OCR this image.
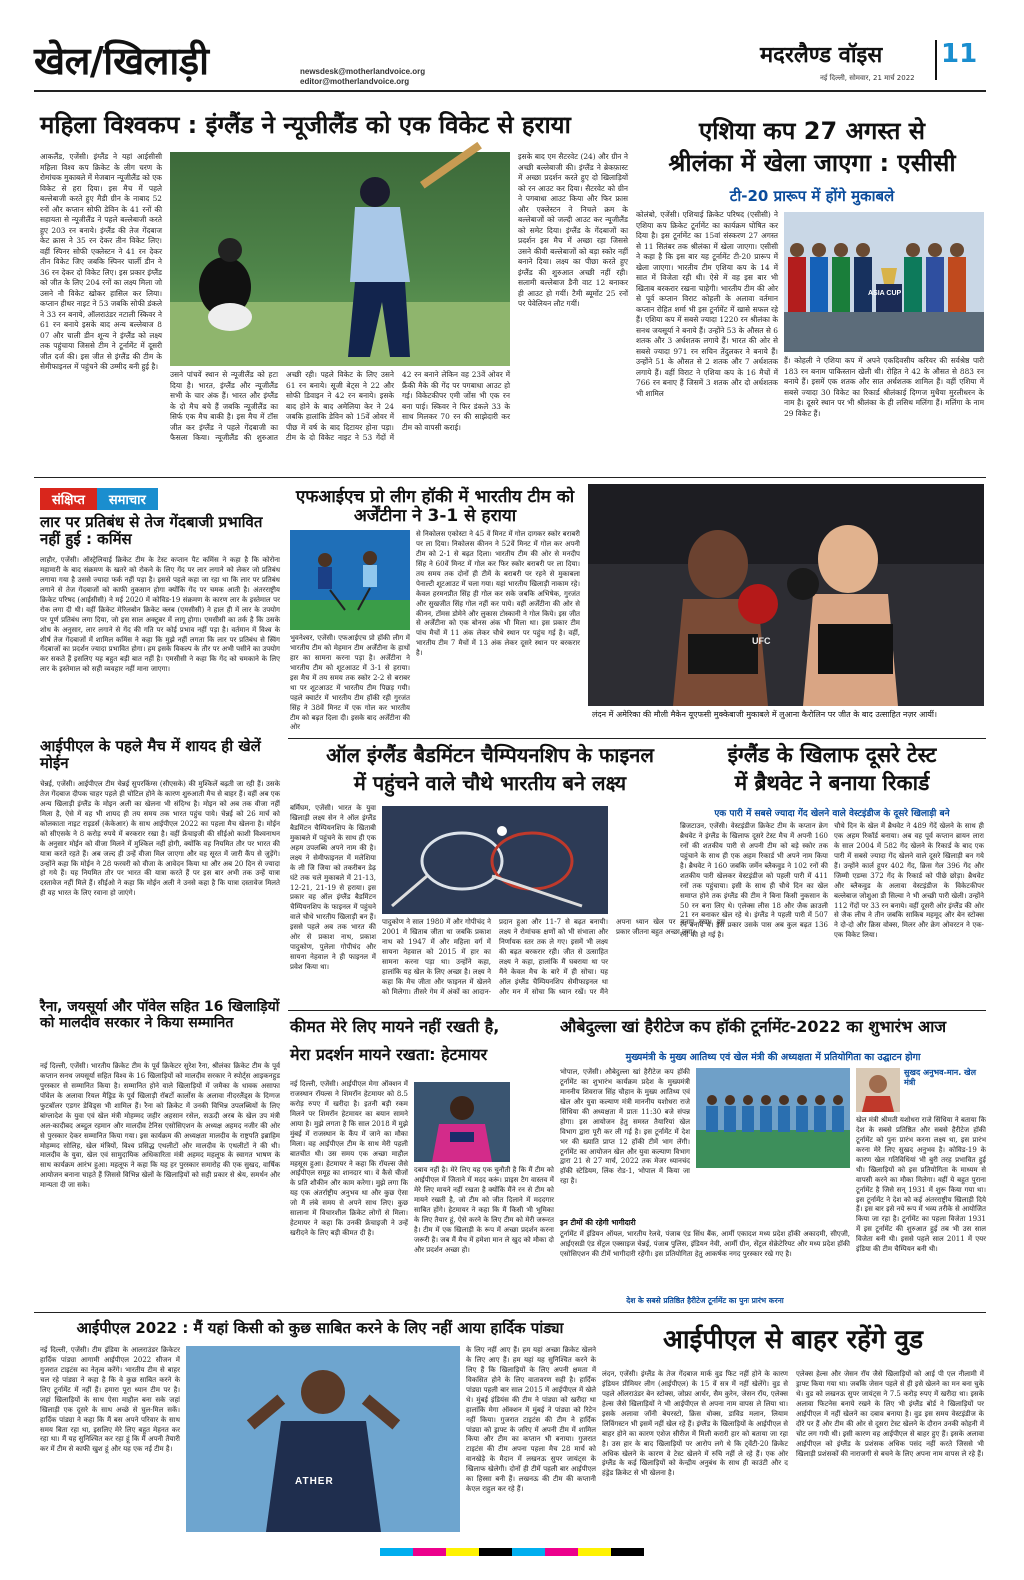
खेल/खिलाड़ी	newsdesk@motherlandvoice.org
editor@motherlandvoice.org
मदरलैण्ड वॉइस 11
नई दिल्ली, सोमवार, 21 मार्च 2022
महिला विश्वकप : इंग्लैंड ने न्यूजीलैंड को एक विकेट से हराया
आकलैंड, एजेंसी। इंग्लैंड ने यहां आईसीसी महिला विश्व कप क्रिकेट के लीग चरण के रोमांचक मुकाबले में मेजबान न्यूजीलैंड को एक विकेट से हरा दिया। इस मैच में पहले बल्लेबाजी करते हुए मैडी ग्रीन के नाबाद 52 रनों और कप्तान सोफी डेविन के 41 रनों की सहायता से न्यूजीलैंड ने पहले बल्लेबाजी करते हुए 203 रन बनाये। इंग्लैंड की तेज गेंदबाज केट क्रास ने 35 रन देकर तीन विकेट लिए। वहीं स्पिनर सोफी एक्लेस्टन ने 41 रन देकर तीन विकेट जिए जबकि स्पिनर चार्ली डीन ने 36 रन देकर दो विकेट लिए। इस प्रकार इंग्लैंड को जीत के लिए 204 रनों का लक्ष्य मिला जो उसने नौ विकेट खोकर हासिल कर लिया। कप्तान हीथर नाइट ने 53 जबकि सोफी डंकले ने 33 रन बनाये, ऑलराउंडर नटाली स्किवर ने 61 रन बनाये इसके बाद अन्य बल्लेबाज 8 07 और चाली डीन शून्य ने इंग्लैंड को लक्ष्य तक पहुंचाया जिससे टीम ने टूर्नामेंट में दूसरी जीत दर्ज की। इस जीत से इंग्लैंड की टीम के सेमीफाइनल में पहुंचने की उम्मीद बनी हुई है।
उसने पांचवें स्थान से न्यूजीलैंड को हटा दिया है। भारत, इंग्लैंड और न्यूजीलैंड सभी के चार अंक हैं। भारत और इंग्लैंड के दो मैच बचे हैं जबकि न्यूजीलैंड का सिर्फ एक मैच बाकी है। इस मैच में टॉस जीत कर इंग्लैंड ने पहले गेंदबाजी का फैसला किया। न्यूजीलैंड की शुरुआत अच्छी रही। पहले विकेट के लिए उसने 61 रन बनाये। सूजी बेट्स ने 22 और सोफी डिवाइन ने 42 रन बनाये। इसके बाद होने के बाद अमेलिया केर ने 24 जबकि हालांकि डेविन को 15वें ओवर में पीछ में वर्ष के बाद दिटायर होना पड़ा। टीम के दो विकेट नाइट ने 53 गेंदों में 42 रन बनाने लेकिन वह 23वें ओवर में फ्रैंकी मैके की गेंद पर पगबाधा आउट हो गई। विकेटकीपर एमी जोंस भी एक रन बना पाई। स्किवर ने फिर डंकले 33 के साथ मिलकर 70 रन की साझेदारी कर टीम को वापसी कराई।
इसके बाद एम सैटरवेट (24) और ग्रीन ने अच्छी बल्लेबाजी की। इंग्लैंड ने ब्रेकफ़ास्ट में अच्छा प्रदर्शन करते हुए दो खिलाड़ियों को रन आउट कर दिया। सैटरवेट को ग्रीन ने पगबाधा आउट किया और फिर फ्रास और एक्लेस्टन ने निचले क्रम के बल्लेबाजों को जल्दी आउट कर न्यूजीलैंड को समेट दिया। इंग्लैंड के गेंदबाजों का प्रदर्शन इस मैच में अच्छा रहा जिससे उसने कीवी बल्लेबाजों को बड़ा स्कोर नहीं बनाने दिया। लक्ष्य का पीछा करते हुए इंग्लैंड की शुरुआत अच्छी नहीं रही। सलामी बल्लेबाज डैनी वाट 12 बनाकर ही आउट हो गयीं। टैमी ब्यूमोंट 25 रनों पर पेवेलियन लौट गयीं।
एशिया कप 27 अगस्त से
श्रीलंका में खेला जाएगा : एसीसी
टी-20 प्रारूप में होंगे मुकाबले
कोलंबो, एजेंसी। एशियाई क्रिकेट परिषद (एसीसी) ने एशिया कप क्रिकेट टूर्नामेंट का कार्यक्रम घोषित कर दिया है। इस टूर्नामेंट का 15वां संस्करण 27 अगस्त से 11 सितंबर तक श्रीलंका में खेला जाएगा। एसीसी ने कहा है कि इस बार यह टूर्नामेंट टी-20 प्रारूप में खेला जाएगा। भारतीय टीम एशिया कप के 14 में सात में विजेता रही थी। ऐसे में वह इस बार भी खिताब बरकरार रखना चाहेगी। भारतीय टीम की ओर से पूर्व कप्तान विराट कोहली के अलावा वर्तमान कप्तान रोहित शर्मा भी इस टूर्नामेंट में खासे सफल रहे हैं। एशिया कप में सबसे ज्यादा 1220 रन श्रीलंका के सनथ जयसूर्या ने बनाये हैं। उन्होंने 53 के औसत से 6 शतक और 3 अर्धशतक लगाये हैं। भारत की ओर से सबसे ज्यादा 971 रन सचिन तेंदुलकर ने बनाये हैं। उन्होंने 51 के औसत से 2 शतक और 7 अर्धशतक लगाये हैं। वहीं विराट ने एशिया कप के 16 मैचों में 766 रन बनाए हैं जिसमें 3 शतक और दो अर्धशतक भी शामिल
ASIA CUP
हैं। कोहली ने एशिया कप में अपने एकदिवसीय करियर की सर्वश्रेष्ठ पारी 183 रन बनाम पाकिस्तान खेली थी। रोहित ने 42 के औसत से 883 रन बनाये हैं। इसमें एक शतक और सात अर्धशतक शामिल हैं। वहीं एशिया में सबसे ज्यादा 30 विकेट का रिकार्ड श्रीलंकाई दिग्गज मुथैया मुरलीधरन के नाम है। दूसरे स्थान पर भी श्रीलंका के ही लसिथ मलिंगा हैं। मलिंगा के नाम 29 विकेट हैं।
संक्षिप्त	समाचार
लार पर प्रतिबंध से तेज गेंदबाजी प्रभावित नहीं हुई : कमिंस
लाहौर, एजेंसी। ऑस्ट्रेलियाई क्रिकेट टीम के टेस्ट कप्तान पैट कमिंस ने कहा है कि कोरोना महामारी के बाद संक्रमण के खतरे को रोकने के लिए गेंद पर लार लगाने को लेकर जो प्रतिबंध लगाया गया है उससे ज्यादा फर्क नहीं पड़ा है। इससे पहले कहा जा रहा था कि लार पर प्रतिबंध लगाने से तेज गेंदबाजों को काफी नुकसान होगा क्योंकि गेंद पर चमक आती है। अंतरराष्ट्रीय क्रिकेट परिषद (आईसीसी) ने मई 2020 में कोविड-19 संक्रमण के कारण लार के इस्तेमाल पर रोक लगा दी थी। वहीं क्रिकेट मेरिलबोन क्रिकेट क्लब (एमसीसी) ने हाल ही में लार के उपयोग पर पूर्ण प्रतिबंध लगा दिया, जो इस साल अक्टूबर में लागू होगा। एमसीसी का तर्क है कि उसके शोध के अनुसार, लार लगाने से गेंद की गति पर कोई प्रभाव नहीं पड़ा है। वर्तमान में विश्व के शीर्ष तेज गेंदबाजों में शामिल कमिंस ने कहा कि मुझे नहीं लगता कि लार पर प्रतिबंध से स्विंग गेंदबाजों का प्रदर्शन ज्यादा प्रभावित होगा। हम इसके विकल्प के तौर पर अभी पसीने का उपयोग कर सकते हैं इसलिए यह बहुत बड़ी बात नहीं है। एमसीसी ने कहा कि गेंद को चमकाने के लिए लार के इस्तेमाल को सही व्यवहार नहीं माना जाएगा।
आईपीएल के पहले मैच में शायद ही खेलें मोईन
चेन्नई, एजेंसी। आईपीएल टीम चेन्नई सुपरकिंग्स (सीएसके) की मुश्किलें बढ़ती जा रही हैं। उसके तेज गेंदबाज दीपक चाहर पहले ही चोटिल होने के कारण शुरुआती मैच से बाहर हैं। वहीं अब एक अन्य खिलाड़ी इंग्लैंड के मोइन अली का खेलना भी संदिग्ध है। मोइन को अब तक वीजा नहीं मिला है, ऐसे में वह भी शायद ही तय समय तक भारत पहुंच पाये। चेन्नई को 26 मार्च को कोलकाता नाइट राइडर्स (केकेआर) के साथ आईपीएल 2022 का पहला मैच खेलना है। मोईन को सीएसके ने 8 करोड़ रुपये में बरकरार रखा है। वहीं फ्रेंचाइजी की सीईओ काशी विश्वनाथन के अनुसार मोईन को वीजा मिलने में मुश्किल नहीं होगी, क्योंकि वह नियमित तौर पर भारत की यात्रा करते रहते हैं। अब जल्द ही उन्हें वीजा मिल जाएगा और वह सूरत में जारी कैंप से जुड़ेंगे। उन्होंने कहा कि मोईन ने 28 फरवरी को वीजा के आवेदन किया था और अब 20 दिन से ज्यादा हो गये हैं। यह नियमित तौर पर भारत की यात्रा करते हैं पर इस बार अभी तक उन्हें यात्रा दस्तावेज नहीं मिले हैं। सीईओ ने कहा कि मोईन अली ने उनसे कहा है कि यात्रा दस्तावेज मिलते ही वह भारत के लिए रवाना हो जाएंगे।
रैना, जयसूर्या और पॉवेल सहित 16 खिलाड़ियों को मालदीव सरकार ने किया सम्मानित
नई दिल्ली, एजेंसी। भारतीय क्रिकेट टीम के पूर्व क्रिकेटर सुरेश रैना, श्रीलंका क्रिकेट टीम के पूर्व कप्तान सनथ जयसूर्या सहित विश्व के 16 खिलाड़ियों को मालदीव सरकार ने स्पोर्ट्स आइकनहुड पुरस्कार से सम्मानित किया है। सम्मानित होने वाले खिलाड़ियों में जमैका के धावक असाफा पॉवेल के अलावा रियल मैड्रिड के पूर्व खिलाड़ी रॉबर्टो कार्लोस के अलावा नीदरलैंड्स के दिग्गज फुटबॉलर एडगर डेविड्स भी शामिल हैं। रैना को क्रिकेट में उनकी विभिन्न उपलब्धियों के लिए बांग्लादेश के युवा एवं खेल मंत्री मोहम्मद जहीर अहसान रसेल, सऊदी अरब के खेल उप मंत्री अल-कादीबद अब्दुल रहमान और मालदीव टेनिस एसोसिएशन के अध्यक्ष अहमद नजीर की ओर से पुरस्कार देकर सम्मानित किया गया। इस कार्यक्रम की अध्यक्षता मालदीव के राष्ट्रपति इब्राहिम मोहम्मद सोलिह, खेल मंत्रियों, विश्व प्रसिद्ध एथलीटों और मालदीव के एथलीटों ने की थी। मालदीव के युवा, खेल एवं सामुदायिक अधिकारिता मंत्री अहमद महलूफ के स्वागत भाषण के साथ कार्यक्रम आरंभ हुआ। महलूफ ने कहा कि यह हर पुरस्कार समारोह की एक सुखद, वार्षिक आयोजन बनाना चाहते हैं जिससे विभिन्न खेलों के खिलाड़ियों को सही प्रकार से श्रेय, समर्थन और मान्यता दी जा सके।
एफआईएच प्रो लीग हॉकी में भारतीय टीम को अर्जेंटीना ने 3-1 से हराया
भुवनेश्वर, एजेंसी। एफआईएच प्रो हॉकी लीग में भारतीय टीम को मेहमान टीम अर्जेंटीना के हाथों हार का सामना करना पड़ा है। अर्जेंटीना ने भारतीय टीम को शूटआउट में 3-1 से हराया। इस मैच में तय समय तक स्कोर 2-2 से बराबर था पर शूटआउट में भारतीय टीम पिछड़ गयी। पहले क्वार्टर में भारतीय टीम हॉकी रही गुरजंत सिंह ने 38वें मिनट में एक गोल कर भारतीय टीम को बढ़त दिला दी। इसके बाद अर्जेंटीना की ओर
से निकोलस एकोस्टा ने 45 वें मिनट में गोल दागकर स्कोर बराबरी पर ला दिया। निकोलस कीनन ने 52वें मिनट में गोल कर अपनी टीम को 2-1 से बढ़त दिला। भारतीय टीम की ओर से मनदीप सिंह ने 60वें मिनट में गोल कर फिर स्कोर बराबरी पर ला दिया। तय समय तक दोनों ही टीमें के बराबरी पर रहने से मुकाबला पेनाल्टी शूटआउट में चला गया। यहां भारतीय खिलाड़ी नाकाम रहे। केवल हरमनप्रीत सिंह ही गोल कर सके जबकि अभिषेक, गुरजंत और सुखजीत सिंह गोल नहीं कर पाये। वहीं अर्जेंटीना की ओर से कीनन, टॉमस डोमेने और लुकास टोस्कानी ने गोल किये। इस जीत से अर्जेंटीना को एक बोनस अंक भी मिला था। इस प्रकार टीम पांच मैचों में 11 अंक लेकर चौथे स्थान पर पहुंच गई है। वहीं, भारतीय टीम 7 मैचों में 13 अंक लेकर दूसरे स्थान पर बरकरार है।
UFC
लंदन में अमेरिका की मौली मैकेन यूएफसी मुक्केबाजी मुकाबले में लुआना कैरोलिन पर जीत के बाद उत्साहित नज़र आयीं।
ऑल इंग्लैंड बैडमिंटन चैम्पियनशिप के फाइनल
में पहुंचने वाले चौथे भारतीय बने लक्ष्य
बर्मिंघम, एजेंसी। भारत के युवा खिलाड़ी लक्ष्य सेन ने ऑल इंग्लैंड बैडमिंटन चैम्पियनशिप के खिताबी मुकाबले में पहुंचने के साथ ही एक अहम उपलब्धि अपने नाम की है। लक्ष्य ने सेमीफाइनल में मलेशिया के ली जि जिया को तकरीबन डेढ़ घंटे तक चले मुकाबले में 21-13, 12-21, 21-19 से हराया। इस प्रकार वह ऑल इंग्लैंड बैडमिंटन चैम्पियनशिप के फाइनल में पहुंचने वाले चौथे भारतीय खिलाड़ी बन हैं। इससे पहले अब तक भारत की ओर से प्रकाश नाथ, प्रकाश पादुकोण, पुलेला गोपीचंद और सायना नेहवाल ने ही फाइनल में प्रवेश किया था।
पादुकोण ने साल 1980 में और गोपीचंद ने 2001 में खिताब जीता था जबकि प्रकाश नाथ को 1947 में और महिला वर्ग में सायना नेहवाल को 2015 में हार का सामना करना पड़ा था। उन्होंने कहा, हालांकि यह खेल के लिए अच्छा है। लक्ष्य ने कहा कि मैच जीता और फाइनल में खेलने को मिलेगा। तीसरे गेम में अंकों का आदान-प्रदान हुआ और 11-7 से बढ़त बनायी। लक्ष्य ने रोमांचक क्षणों को भी संभाला और निर्णायक स्तर तक ले गए। इसमें भी लक्ष्य की बढ़त बरकरार रही। जीत से उत्साहित लक्ष्य ने कहा, हालांकि मैं घबराया था पर मैंने केवल मैच के बारे में ही सोचा। यह ऑल इंग्लैंड चैम्पियनशिप सेमीफाइनल था और मन में सोचा कि ध्यान रखें। पर मैंने अपना ध्यान खेल पर बनाए रखा। इस प्रकार जीतना बहुत अच्छा लगा।
इंग्लैंड के खिलाफ दूसरे टेस्ट
में ब्रैथवेट ने बनाया रिकार्ड
एक पारी में सबसे ज्यादा गेंद खेलने वाले वेस्टइंडीज के दूसरे खिलाड़ी बने
ब्रिजटाउन, एजेंसी। वेस्टइंडीज क्रिकेट टीम के कप्तान क्रेग ब्रैथवेट ने इंग्लैंड के खिलाफ दूसरे टेस्ट मैच में अपनी 160 रनों की शतकीय पारी से अपनी टीम को बड़े स्कोर तक पहुंचाने के साथ ही एक अहम रिकार्ड भी अपने नाम किया है। ब्रैथवेट ने 160 जबकि जर्मेन ब्लैकवुड ने 102 रनों की शतकीय पारी खेलकर वेस्टइंडीज को पहली पारी में 411 रनों तक पहुंचाया। इसी के साथ ही चौथे दिन का खेल समाप्त होने तक इंग्लैंड की टीम ने बिना किसी नुकसान के 50 रन बना लिए थे। एलेक्स लीस 18 और जैक क्राउली 21 रन बनाकर खेल रहे थे। इंग्लैंड ने पहली पारी में 507 रन बनाये थे। इस प्रकार उसके पास अब कुल बढ़त 136 रनों की हो गई है।
चौथे दिन के खेल में ब्रैथवेट ने 489 गेंदें खेलने के साथ ही एक अहम रिकॉर्ड बनाया। अब वह पूर्व कप्तान ब्रायन लारा के साल 2004 में 582 गेंद खेलने के रिकार्ड के बाद एक पारी में सबसे ज्यादा गेंद खेलने वाले दूसरे खिलाड़ी बन गये हैं। उन्होंने कार्ल हूपर 402 गेंद, क्रिस गेल 396 गेंद और जिम्मी एडम्स 372 गेंद के रिकार्ड को पीछे छोड़ा। ब्रैथवेट और ब्लैकवुड के अलावा वेस्टइंडीज के विकेटकीपर बल्लेबाज जोशुआ डी सिल्वा ने भी अच्छी पारी खेली। उन्होंने 112 गेंदों पर 33 रन बनाये। वहीं दूसरी ओर इंग्लैंड की ओर से जैक लीच ने तीन जबकि साकिब महमूद और बेन स्टोक्स ने दो-दो और क्रिस वोक्स, मिलर और क्रेग ओवरटन ने एक-एक विकेट लिया।
कीमत मेरे लिए मायने नहीं रखती है,
मेरा प्रदर्शन मायने रखता: हेटमायर
नई दिल्ली, एजेंसी। आईपीएल मेगा ऑक्शन में राजस्थान रॉयल्स ने शिमरॉन हेटमायर को 8.5 करोड़ रुपए में खरीदा है। इतनी बड़ी रकम मिलने पर शिमरॉन हेटमायर का बयान सामने आया है। मुझे लगता है कि साल 2018 में मुझे मुंबई में राजस्थान के कैंप में जाने का मौका मिला। वह आईपीएल टीम के साथ मेरी पहली बातचीत थी। उस समय एक अच्छा माहौल महसूस हुआ। हेटमायर ने कहा कि रॉयल्स जैसे आईपीएल समूह का शानदार था। वे कैसे चीजों के प्रति शौकीन और काम करेगा। मुझे लगा कि यह एक अंतर्राष्ट्रीय अनुभव था और कुछ ऐसा जो मैं लंबे समय से अपने साथ लिए। कुछ सालाना में विचारशील क्रिकेट लोगों से मिला। हेटमायर ने कहा कि उनकी फ्रेंचाइजी ने उन्हें खरीदने के लिए बड़ी कीमत दी है।
दबाव नहीं है। मेरे लिए यह एक चुनौती है कि मैं टीम को आईपीएल में जिताने में मदद करूं। प्राइस टैग वास्तव में मेरे लिए मायने नहीं रखता है क्योंकि मैंने रन से टीम को मायने रखती है, जो टीम को जीत दिलाने में मददगार साबित होंगे। हेटमायर ने कहा कि मैं किसी भी भूमिका के लिए तैयार हूं, ऐसे करने के लिए टीम को मेरी जरूरत है। टीम में एक खिलाड़ी के रूप में अच्छा प्रदर्शन करना जरूरी है। जब मैं मैच में हमेशा मान ले खुद को मौका दो और प्रदर्शन अच्छा हो।
औबेदुल्ला खां हैरीटेज कप हॉकी टूर्नामेंट-2022 का शुभारंभ आज
मुख्यमंत्री के मुख्य आतिथ्य एवं खेल मंत्री की अध्यक्षता में प्रतियोगिता का उद्घाटन होगा
भोपाल, एजेंसी। औबेदुल्ला खां हैरीटेज कप हॉकी टूर्नामेंट का शुभारंभ कार्यक्रम प्रदेश के मुख्यमंत्री माननीय शिवराज सिंह चौहान के मुख्य आतिथ्य एवं खेल और युवा कल्याण मंत्री माननीय यशोधरा राजे सिंधिया की अध्यक्षता में प्रातः 11:30 बजे संपन्न होगा। इस आयोजन हेतु समस्त तैयारियां खेल विभाग द्वारा पूरी कर ली गई है। इस टूर्नामेंट में देश भर की ख्याति प्राप्त 12 हॉकी टीमें भाग लेंगी। टूर्नामेंट का आयोजन खेल और युवा कल्याण विभाग द्वारा 21 से 27 मार्च, 2022 तक मेजर ध्यानचंद हॉकी स्टेडियम, लिंक रोड-1, भोपाल में किया जा रहा है।
इन टीमों की रहेगी भागीदारी
टूर्नामेंट में इंडियन ऑयल, भारतीय रेलवे, पंजाब एंड सिंध बैंक, आर्मी एकादश मध्य प्रदेश हॉकी अकादमी, सीएजी, आईएसडी एंड सेंट्रल एक्साइज चेन्नई, पंजाब पुलिस, इंडियन नेवी, आर्मी ग्रीन, सेंट्रल सेक्रेटेरियट और मध्य प्रदेश हॉकी एसोसिएशन की टीमें भागीदारी रहेंगी। इस प्रतियोगिता हेतु आकर्षक नगद पुरस्कार रखे गए है।
देश के सबसे प्रतिष्ठित हैरीटेज टूर्नामेंट का पुनः प्रारंभ करना
सुखद अनुभव-मान. खेल मंत्री
खेल मंत्री श्रीमती यशोधरा राजे सिंधिया ने बताया कि देश के सबसे प्रतिष्ठित और सबसे हैरीटेज हॉकी टूर्नामेंट को पुनः प्रारंभ करना लक्ष्य था, इस प्रारंभ करना मेरे लिए सुखद अनुभव है। कोविड-19 के कारण खेल गतिविधियां भी बुरी तरह प्रभावित हुई थी। खिलाड़ियों को इस प्रतियोगिता के माध्यम से वापसी करने का मौका मिलेगा। वहीं ये बहुत पुराना टूर्नामेंट है जिसे सन् 1931 में शुरू किया गया था। इस टूर्नामेंट ने देश को कई अंतरराष्ट्रीय खिलाड़ी दिये हैं। इस बार इसे नये रूप में भव्य तरीके से आयोजित किया जा रहा है। टूर्नामेंट का पहला विजेता 1931 में इस टूर्नामेंट की शुरुआत हुई तब भी उस साल विजेता बनी थी। इससे पहले साल 2011 में एयर इंडिया की टीम चैम्पियन बनी थी।
आईपीएल 2022 : मैं यहां किसी को कुछ साबित करने के लिए नहीं आया हार्दिक पांड्या
नई दिल्ली, एजेंसी। टीम इंडिया के आलराउंडर क्रिकेटर हार्दिक पांड्या आगामी आईपीएल 2022 सीजन में गुजरात टाइटंस का नेतृत्व करेंगे। भारतीय टीम से बाहर चल रहे पांड्या ने कहा है कि वे कुछ साबित करने के लिए टूर्नामेंट में नहीं हैं। हमारा पूरा ध्यान टीम पर है। जहां खिलाड़ियों के साथ ऐसा माहौल बना सके जहां खिलाड़ी एक दूसरे के साथ अच्छे से घुल-मिल सकें। हार्दिक पांड्या ने कहा कि मैं बस अपने परिवार के साथ समय बिता रहा था, इसलिए मेरे लिए बहुत मेहनत कर रहा था। मैं यह सुनिश्चित कर रहा हूं कि मैं अपनी तैयारी कर में टीम से काफी खुश हूं और यह एक नई टीम है।
ATHER
के लिए नहीं आए हैं। हम यहां अच्छा क्रिकेट खेलने के लिए आए हैं। हम यहां यह सुनिश्चित करने के लिए हैं कि खिलाड़ियों के लिए अपनी क्षमता में विकसित होने के लिए वातावरण सही है। हार्दिक पांड्या पहली बार साल 2015 में आईपीएल में खेले थे। मुंबई इंडियंस की टीम ने पांड्या को खरीदा था हालांकि मेगा ऑक्शन में मुंबई ने पांड्या को रिटेन नहीं किया। गुजरात टाइटंस की टीम ने हार्दिक पांड्या को ड्राफ्ट के जरिए में अपनी टीम में शामिल किया और टीम का कप्तान भी बनाया। गुजरात टाइटंस की टीम अपना पहला मैच 28 मार्च को वानखेड़े के मैदान में लखनऊ सुपर जायंट्स के खिलाफ खेलेगी। दोनों ही टीमें पहली बार आईपीएल का हिस्सा बनी हैं। लखनऊ की टीम की कप्तानी केएल राहुल कर रहे हैं।
आईपीएल से बाहर रहेंगे वुड
लंदन, एजेंसी। इंग्लैंड के तेज गेंदबाज मार्क वुड फिट नहीं होने के कारण इंडियन प्रीमियर लीग (आईपीएल) के 15 वें सत्र में नहीं खेलेंगे। वुड से पहले ऑलराउंडर बेन स्टोक्स, जोफ्रा आर्चर, सैम कुरेन, जेसन रॉय, एलेक्स हेल्स जैसे खिलाड़ियों ने भी आईपीएल से अपना नाम वापस ले लिया था। इसके अलावा जॉनी बेयरस्टो, क्रिस वोक्स, डाविड मलान, लियाम लिविंगस्टन भी इसमें नहीं खेल रहे हैं। इंग्लैंड के खिलाड़ियों के आईपीएल से बाहर होने का कारण एशेज सीरीज में मिली करारी हार को बताया जा रहा है। उस हार के बाद खिलाड़ियों पर आरोप लगे थे कि ट्वेंटी-20 क्रिकेट अधिक खेलने के कारण वे टेस्ट खेलने में रुचि नहीं ले रहे हैं। एक ओर इंग्लैंड के कई खिलाड़ियों को केन्द्रीय अनुबंध के साथ ही काउंटी और द हंड्रेड क्रिकेट से भी खेलना है।
एलेक्स हेल्स और जेसन रॉय जैसे खिलाड़ियों को आई पी एल नीलामी में ड्राफ्ट किया गया था। जबकि जेसन पहले से ही इसे खेलने का मन बना चुके थे। वुड को लखनऊ सुपर जायंट्स ने 7.5 करोड़ रुपए में खरीदा था। इसके अलावा फिटनेस बनाये रखने के लिए भी इंग्लैंड बोर्ड ने खिलाड़ियों पर आईपीएल में नहीं खेलने का दबाव बनाया है। वुड इस समय वेस्टइंडीज के दौरे पर हैं और टीम की ओर से दूसरा टेस्ट खेलने के दौरान उनकी कोहनी में चोट लग गयी थी। इसी कारण वह आईपीएल से बाहर हुए हैं। इसके अलावा आईपीएल को इंग्लैंड के प्रशंसक अधिक पसंद नहीं करते जिससे भी खिलाड़ी प्रशंसकों की नाराजगी से बचने के लिए अपना नाम वापस ले रहे हैं।
